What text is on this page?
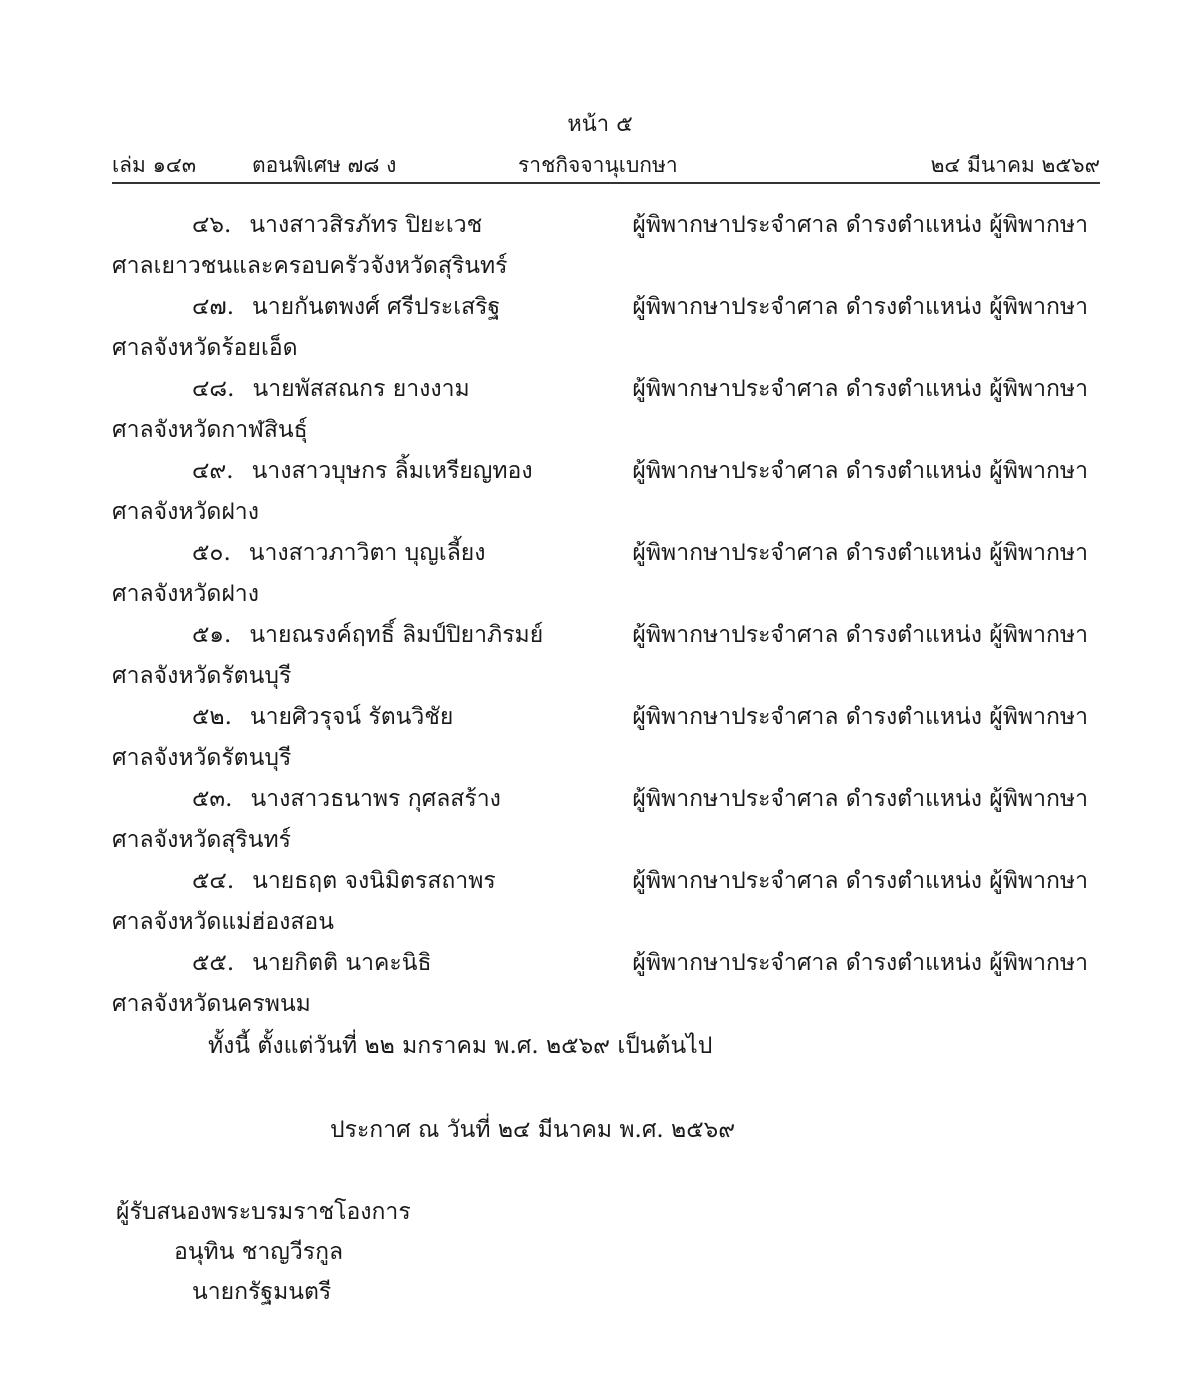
หน้า ๕
เล่ม ๑๔๓	ตอนพิเศษ ๗๘ ง	ราชกิจจานุเบกษา	๒๔ มีนาคม ๒๕๖๙
๔๖. นางสาวสิรภัทร ปิยะเวช	ผู้พิพากษาประจำศาล ดำรงตำแหน่ง ผู้พิพากษา
ศาลเยาวชนและครอบครัวจังหวัดสุรินทร์
๔๗. นายกันตพงศ์ ศรีประเสริฐ	ผู้พิพากษาประจำศาล ดำรงตำแหน่ง ผู้พิพากษา
ศาลจังหวัดร้อยเอ็ด
๔๘. นายพัสสณกร ยางงาม	ผู้พิพากษาประจำศาล ดำรงตำแหน่ง ผู้พิพากษา
ศาลจังหวัดกาฬสินธุ์
๔๙. นางสาวบุษกร ลิ้มเหรียญทอง	ผู้พิพากษาประจำศาล ดำรงตำแหน่ง ผู้พิพากษา
ศาลจังหวัดฝาง
๕๐. นางสาวภาวิตา บุญเลี้ยง	ผู้พิพากษาประจำศาล ดำรงตำแหน่ง ผู้พิพากษา
ศาลจังหวัดฝาง
๕๑. นายณรงค์ฤทธิ์ ลิมป์ปิยาภิรมย์	ผู้พิพากษาประจำศาล ดำรงตำแหน่ง ผู้พิพากษา
ศาลจังหวัดรัตนบุรี
๕๒. นายศิวรุจน์ รัตนวิชัย	ผู้พิพากษาประจำศาล ดำรงตำแหน่ง ผู้พิพากษา
ศาลจังหวัดรัตนบุรี
๕๓. นางสาวธนาพร กุศลสร้าง	ผู้พิพากษาประจำศาล ดำรงตำแหน่ง ผู้พิพากษา
ศาลจังหวัดสุรินทร์
๕๔. นายธฤต จงนิมิตรสถาพร	ผู้พิพากษาประจำศาล ดำรงตำแหน่ง ผู้พิพากษา
ศาลจังหวัดแม่ฮ่องสอน
๕๕. นายกิตติ นาคะนิธิ	ผู้พิพากษาประจำศาล ดำรงตำแหน่ง ผู้พิพากษา
ศาลจังหวัดนครพนม
ทั้งนี้ ตั้งแต่วันที่ ๒๒ มกราคม พ.ศ. ๒๕๖๙ เป็นต้นไป
ประกาศ ณ วันที่ ๒๔ มีนาคม พ.ศ. ๒๕๖๙
ผู้รับสนองพระบรมราชโองการ
อนุทิน ชาญวีรกูล
นายกรัฐมนตรี
